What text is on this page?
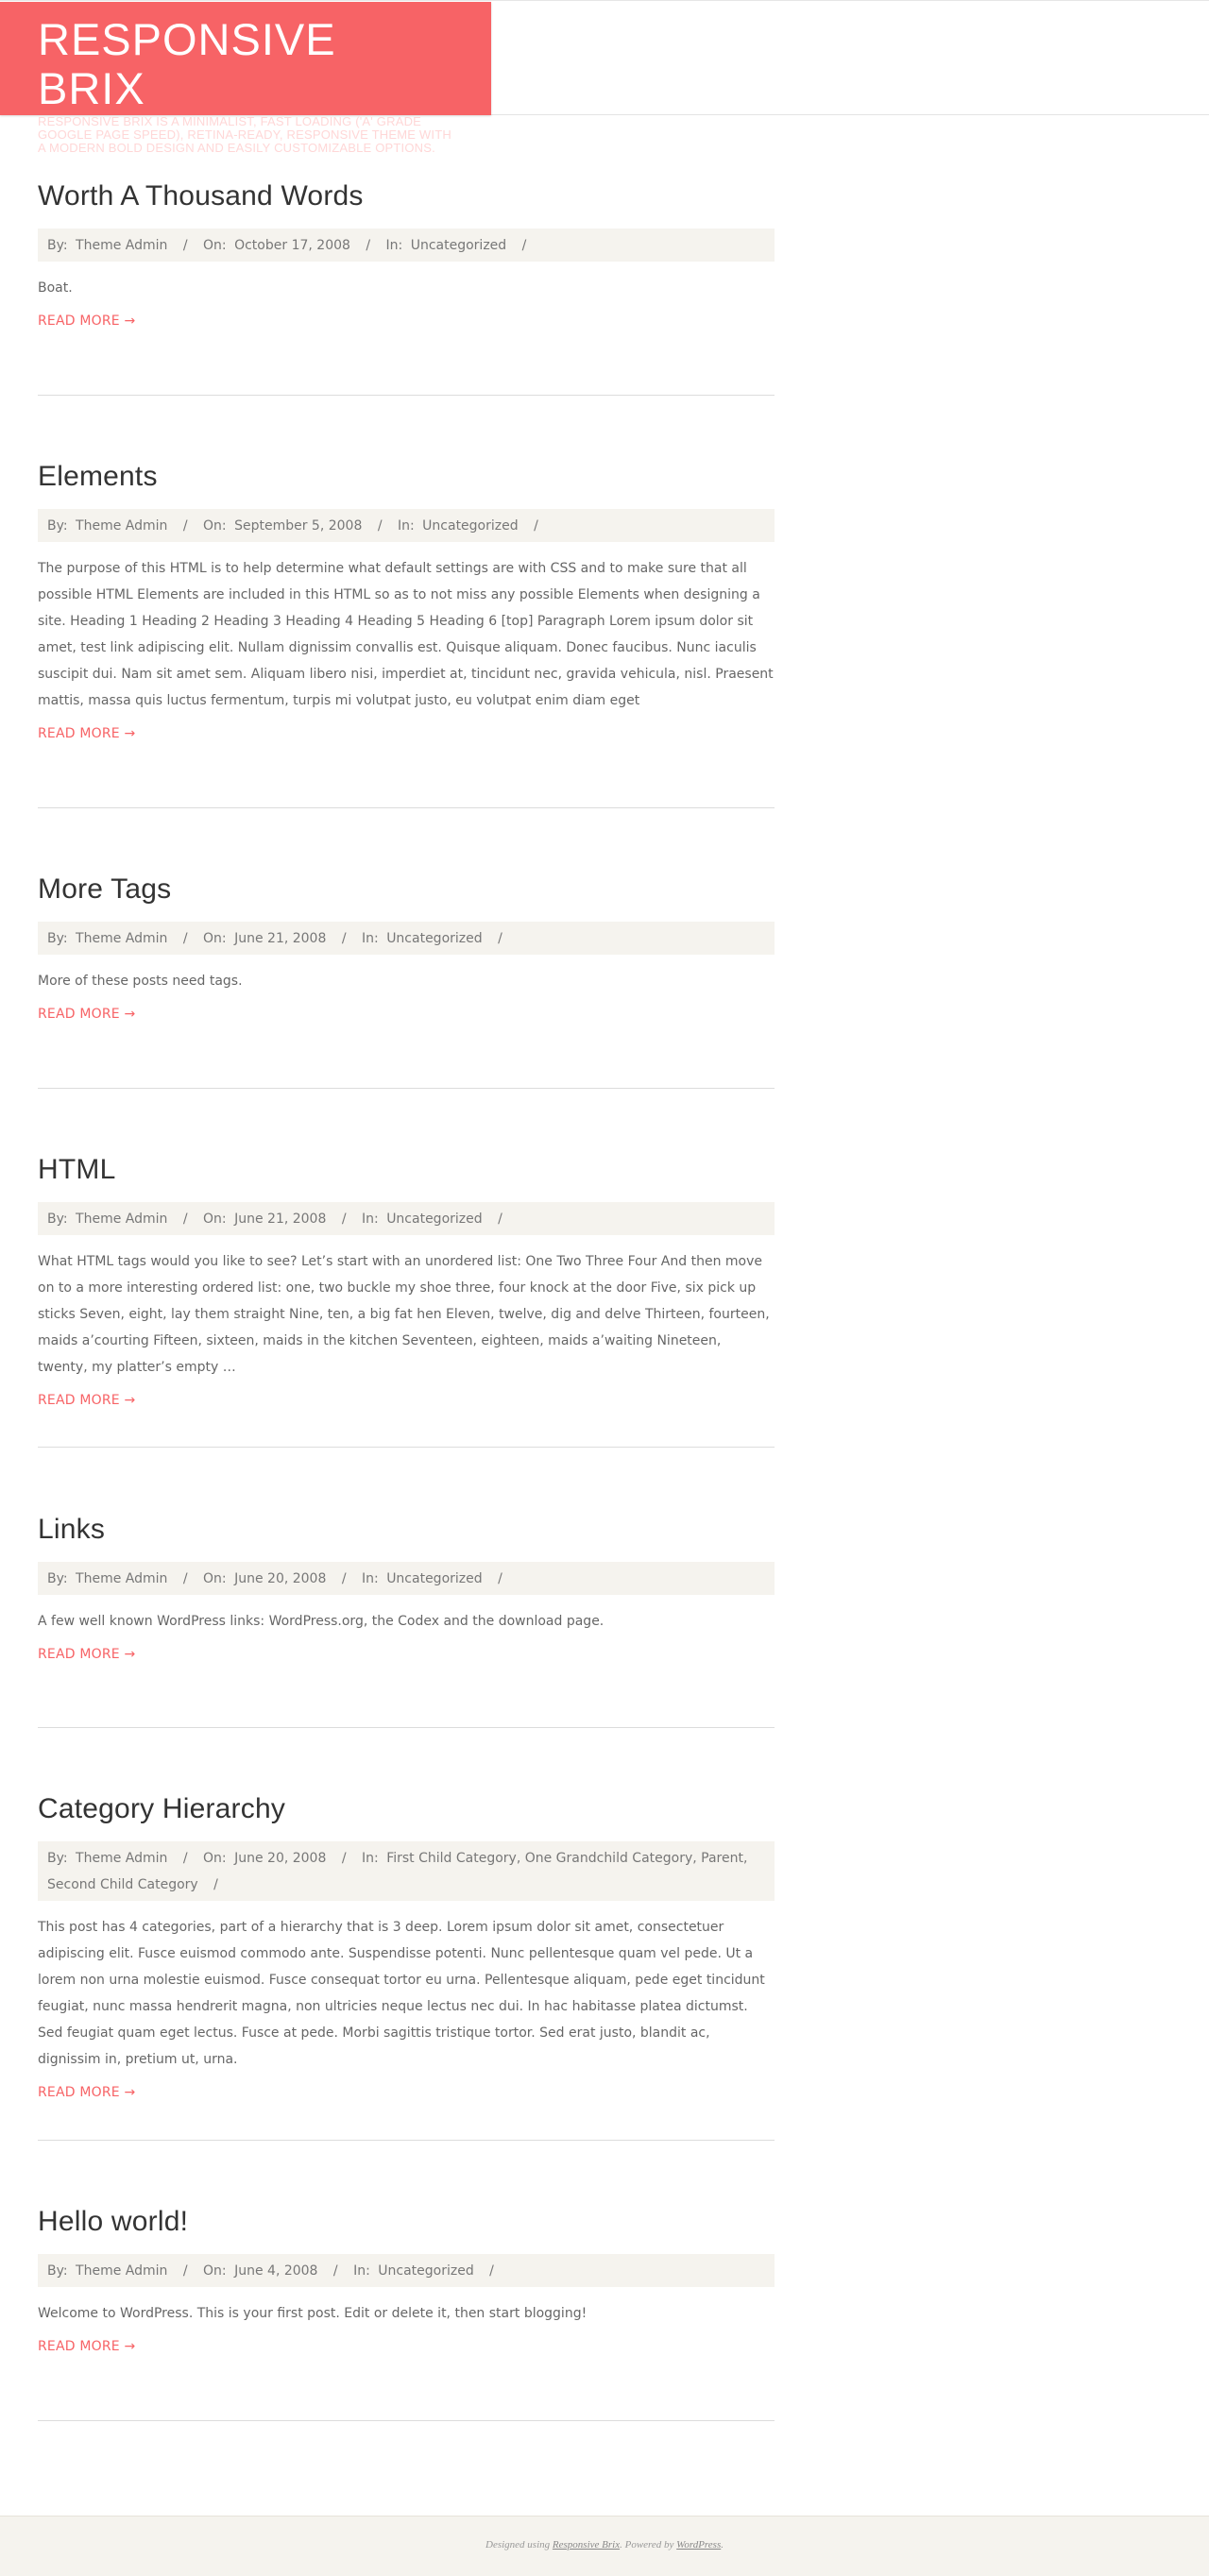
RESPONSIVE BRIX
RESPONSIVE BRIX IS A MINIMALIST, FAST LOADING ('A' GRADE GOOGLE PAGE SPEED), RETINA-READY, RESPONSIVE THEME WITH A MODERN BOLD DESIGN AND EASILY CUSTOMIZABLE OPTIONS.
Worth A Thousand Words
By: Theme Admin / On: October 17, 2008 / In: Uncategorized /

Boat.

READ MORE →
Elements
By: Theme Admin / On: September 5, 2008 / In: Uncategorized /

The purpose of this HTML is to help determine what default settings are with CSS and to make sure that all possible HTML Elements are included in this HTML so as to not miss any possible Elements when designing a site. Heading 1 Heading 2 Heading 3 Heading 4 Heading 5 Heading 6 [top] Paragraph Lorem ipsum dolor sit amet, test link adipiscing elit. Nullam dignissim convallis est. Quisque aliquam. Donec faucibus. Nunc iaculis suscipit dui. Nam sit amet sem. Aliquam libero nisi, imperdiet at, tincidunt nec, gravida vehicula, nisl. Praesent mattis, massa quis luctus fermentum, turpis mi volutpat justo, eu volutpat enim diam eget

READ MORE →
More Tags
By: Theme Admin / On: June 21, 2008 / In: Uncategorized /

More of these posts need tags.

READ MORE →
HTML
By: Theme Admin / On: June 21, 2008 / In: Uncategorized /

What HTML tags would you like to see? Let’s start with an unordered list: One Two Three Four And then move on to a more interesting ordered list: one, two buckle my shoe three, four knock at the door Five, six pick up sticks Seven, eight, lay them straight Nine, ten, a big fat hen Eleven, twelve, dig and delve Thirteen, fourteen, maids a’courting Fifteen, sixteen, maids in the kitchen Seventeen, eighteen, maids a’waiting Nineteen, twenty, my platter’s empty …

READ MORE →
Links
By: Theme Admin / On: June 20, 2008 / In: Uncategorized /

A few well known WordPress links: WordPress.org, the Codex and the download page.

READ MORE →
Category Hierarchy
By: Theme Admin / On: June 20, 2008 / In: First Child Category, One Grandchild Category, Parent, Second Child Category /

This post has 4 categories, part of a hierarchy that is 3 deep. Lorem ipsum dolor sit amet, consectetuer adipiscing elit. Fusce euismod commodo ante. Suspendisse potenti. Nunc pellentesque quam vel pede. Ut a lorem non urna molestie euismod. Fusce consequat tortor eu urna. Pellentesque aliquam, pede eget tincidunt feugiat, nunc massa hendrerit magna, non ultricies neque lectus nec dui. In hac habitasse platea dictumst. Sed feugiat quam eget lectus. Fusce at pede. Morbi sagittis tristique tortor. Sed erat justo, blandit ac, dignissim in, pretium ut, urna.

READ MORE →
Hello world!
By: Theme Admin / On: June 4, 2008 / In: Uncategorized /

Welcome to WordPress. This is your first post. Edit or delete it, then start blogging!

READ MORE →
Designed using Responsive Brix. Powered by WordPress.
